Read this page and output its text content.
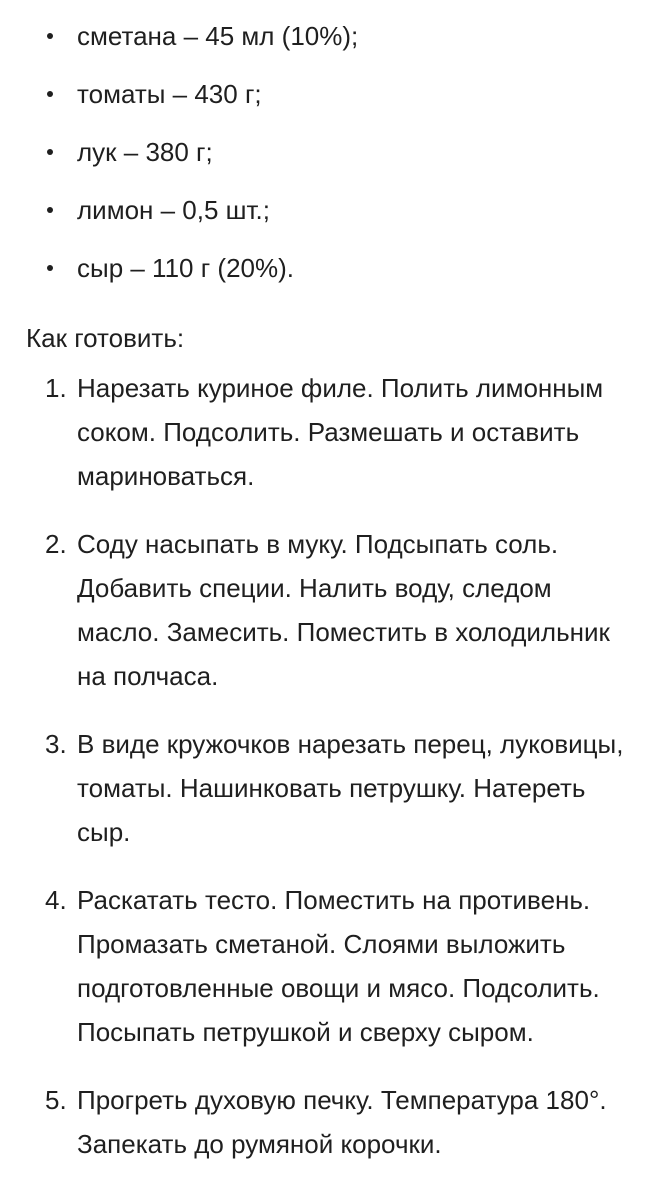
сметана – 45 мл (10%);
томаты – 430 г;
лук – 380 г;
лимон – 0,5 шт.;
сыр – 110 г (20%).
Как готовить:
1. Нарезать куриное филе. Полить лимонным соком. Подсолить. Размешать и оставить мариноваться.
2. Соду насыпать в муку. Подсыпать соль. Добавить специи. Налить воду, следом масло. Замесить. Поместить в холодильник на полчаса.
3. В виде кружочков нарезать перец, луковицы, томаты. Нашинковать петрушку. Натереть сыр.
4. Раскатать тесто. Поместить на противень. Промазать сметаной. Слоями выложить подготовленные овощи и мясо. Подсолить. Посыпать петрушкой и сверху сыром.
5. Прогреть духовую печку. Температура 180°. Запекать до румяной корочки.
